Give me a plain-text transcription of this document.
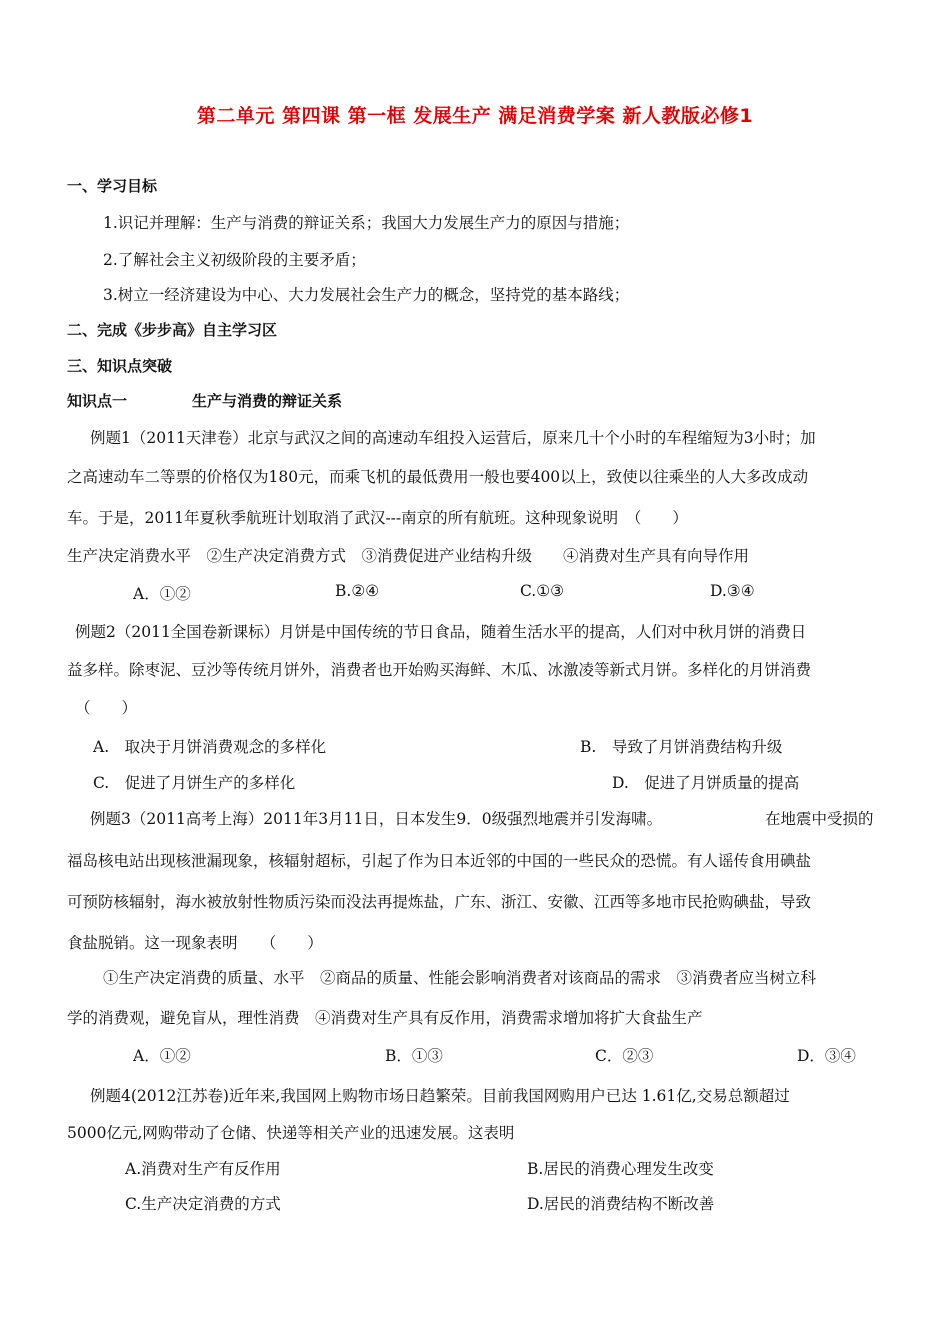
第二单元 第四课 第一框 发展生产 满足消费学案 新人教版必修1
一、学习目标
1.识记并理解：生产与消费的辩证关系；我国大力发展生产力的原因与措施；
2.了解社会主义初级阶段的主要矛盾；
3.树立一经济建设为中心、大力发展社会生产力的概念，坚持党的基本路线；
二、完成《步步高》自主学习区
三、知识点突破
知识点一	生产与消费的辩证关系
例题1（2011天津卷）北京与武汉之间的高速动车组投入运营后，原来几十个小时的车程缩短为3小时；加
之高速动车二等票的价格仅为180元，而乘飞机的最低费用一般也要400以上，致使以往乘坐的人大多改成动
车。于是，2011年夏秋季航班计划取消了武汉---南京的所有航班。这种现象说明　（　　）
生产决定消费水平　②生产决定消费方式　③消费促进产业结构升级　　④消费对生产具有向导作用
A．①②	B.②④	C.①③	D.③④
例题2（2011全国卷新课标）月饼是中国传统的节日食品，随着生活水平的提高，人们对中秋月饼的消费日
益多样。除枣泥、豆沙等传统月饼外，消费者也开始购买海鲜、木瓜、冰激凌等新式月饼。多样化的月饼消费
（　　）
A.　取决于月饼消费观念的多样化	B.　导致了月饼消费结构升级
C.　促进了月饼生产的多样化	D.　促进了月饼质量的提高
例题3（2011高考上海）2011年3月11日，日本发生9．0级强烈地震并引发海啸。	在地震中受损的
福岛核电站出现核泄漏现象，核辐射超标，引起了作为日本近邻的中国的一些民众的恐慌。有人谣传食用碘盐
可预防核辐射，海水被放射性物质污染而没法再提炼盐，广东、浙江、安徽、江西等多地市民抢购碘盐，导致
食盐脱销。这一现象表明　　（　　）
①生产决定消费的质量、水平　②商品的质量、性能会影响消费者对该商品的需求　③消费者应当树立科
学的消费观，避免盲从，理性消费　④消费对生产具有反作用，消费需求增加将扩大食盐生产
A．①②	B．①③	C．②③	D．③④
例题4(2012江苏卷)近年来,我国网上购物市场日趋繁荣。目前我国网购用户已达 1.61亿,交易总额超过
5000亿元,网购带动了仓储、快递等相关产业的迅速发展。这表明
A.消费对生产有反作用	B.居民的消费心理发生改变
C.生产决定消费的方式	D.居民的消费结构不断改善
